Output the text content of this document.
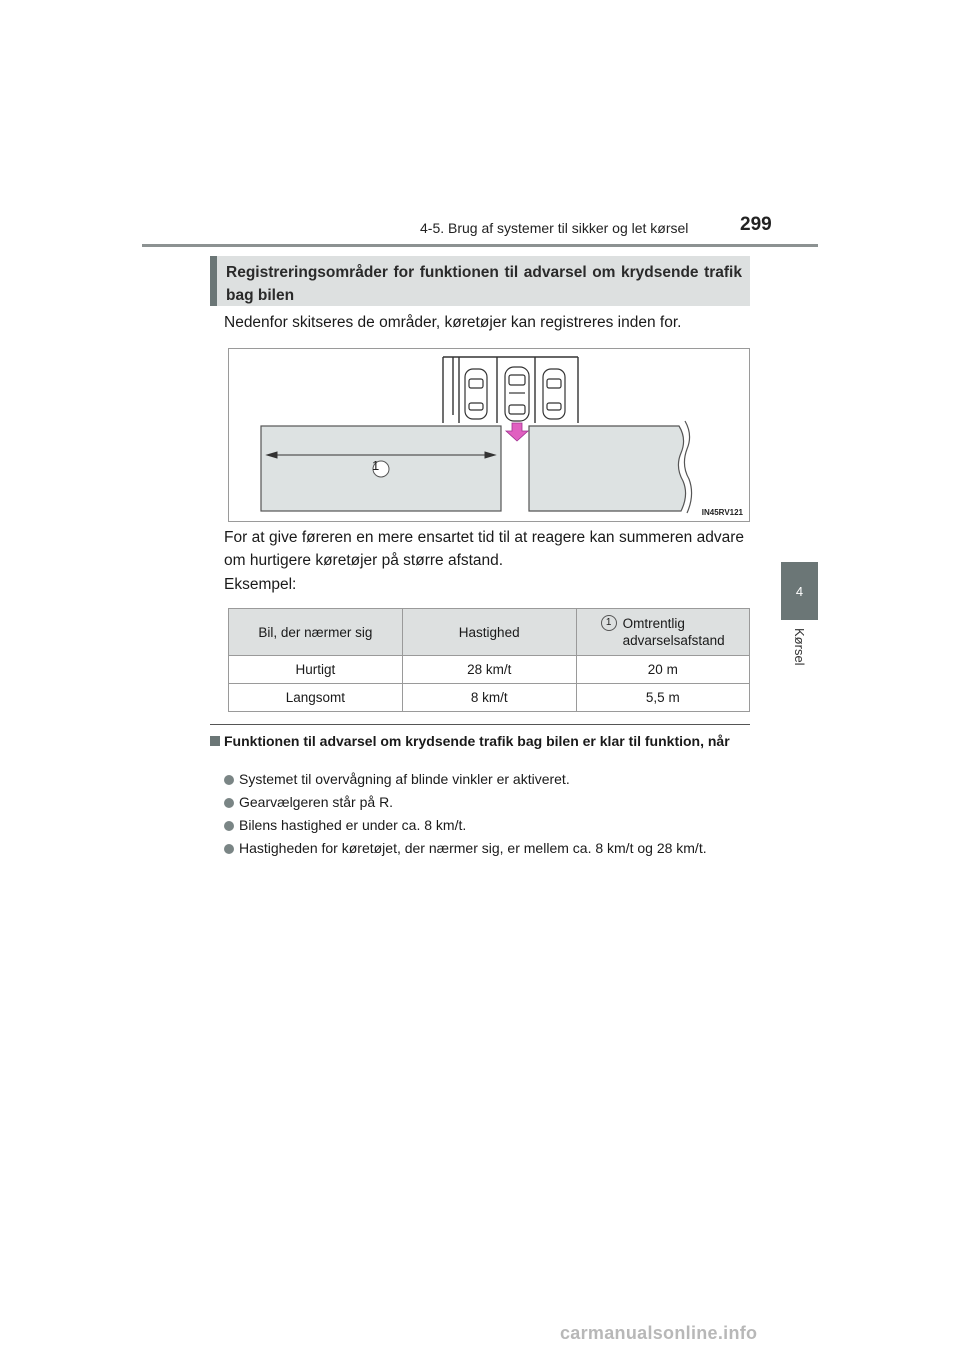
4-5. Brug af systemer til sikker og let kørsel	299
4
Kørsel
Registreringsområder for funktionen til advarsel om krydsende trafik bag bilen
Nedenfor skitseres de områder, køretøjer kan registreres inden for.
IN45RV121
1
For at give føreren en mere ensartet tid til at reagere kan summeren advare om hurtigere køretøjer på større afstand.
Eksempel:
Bil, der nærmer sig	Hastighed	1 Omtrentlig
advarselsafstand

Hurtigt	28 km/t	20 m
Langsomt	8 km/t	5,5 m
Funktionen til advarsel om krydsende trafik bag bilen er klar til funktion, når
Systemet til overvågning af blinde vinkler er aktiveret.
Gearvælgeren står på R.
Bilens hastighed er under ca. 8 km/t.
Hastigheden for køretøjet, der nærmer sig, er mellem ca. 8 km/t og 28 km/t.
carmanualsonline.info
